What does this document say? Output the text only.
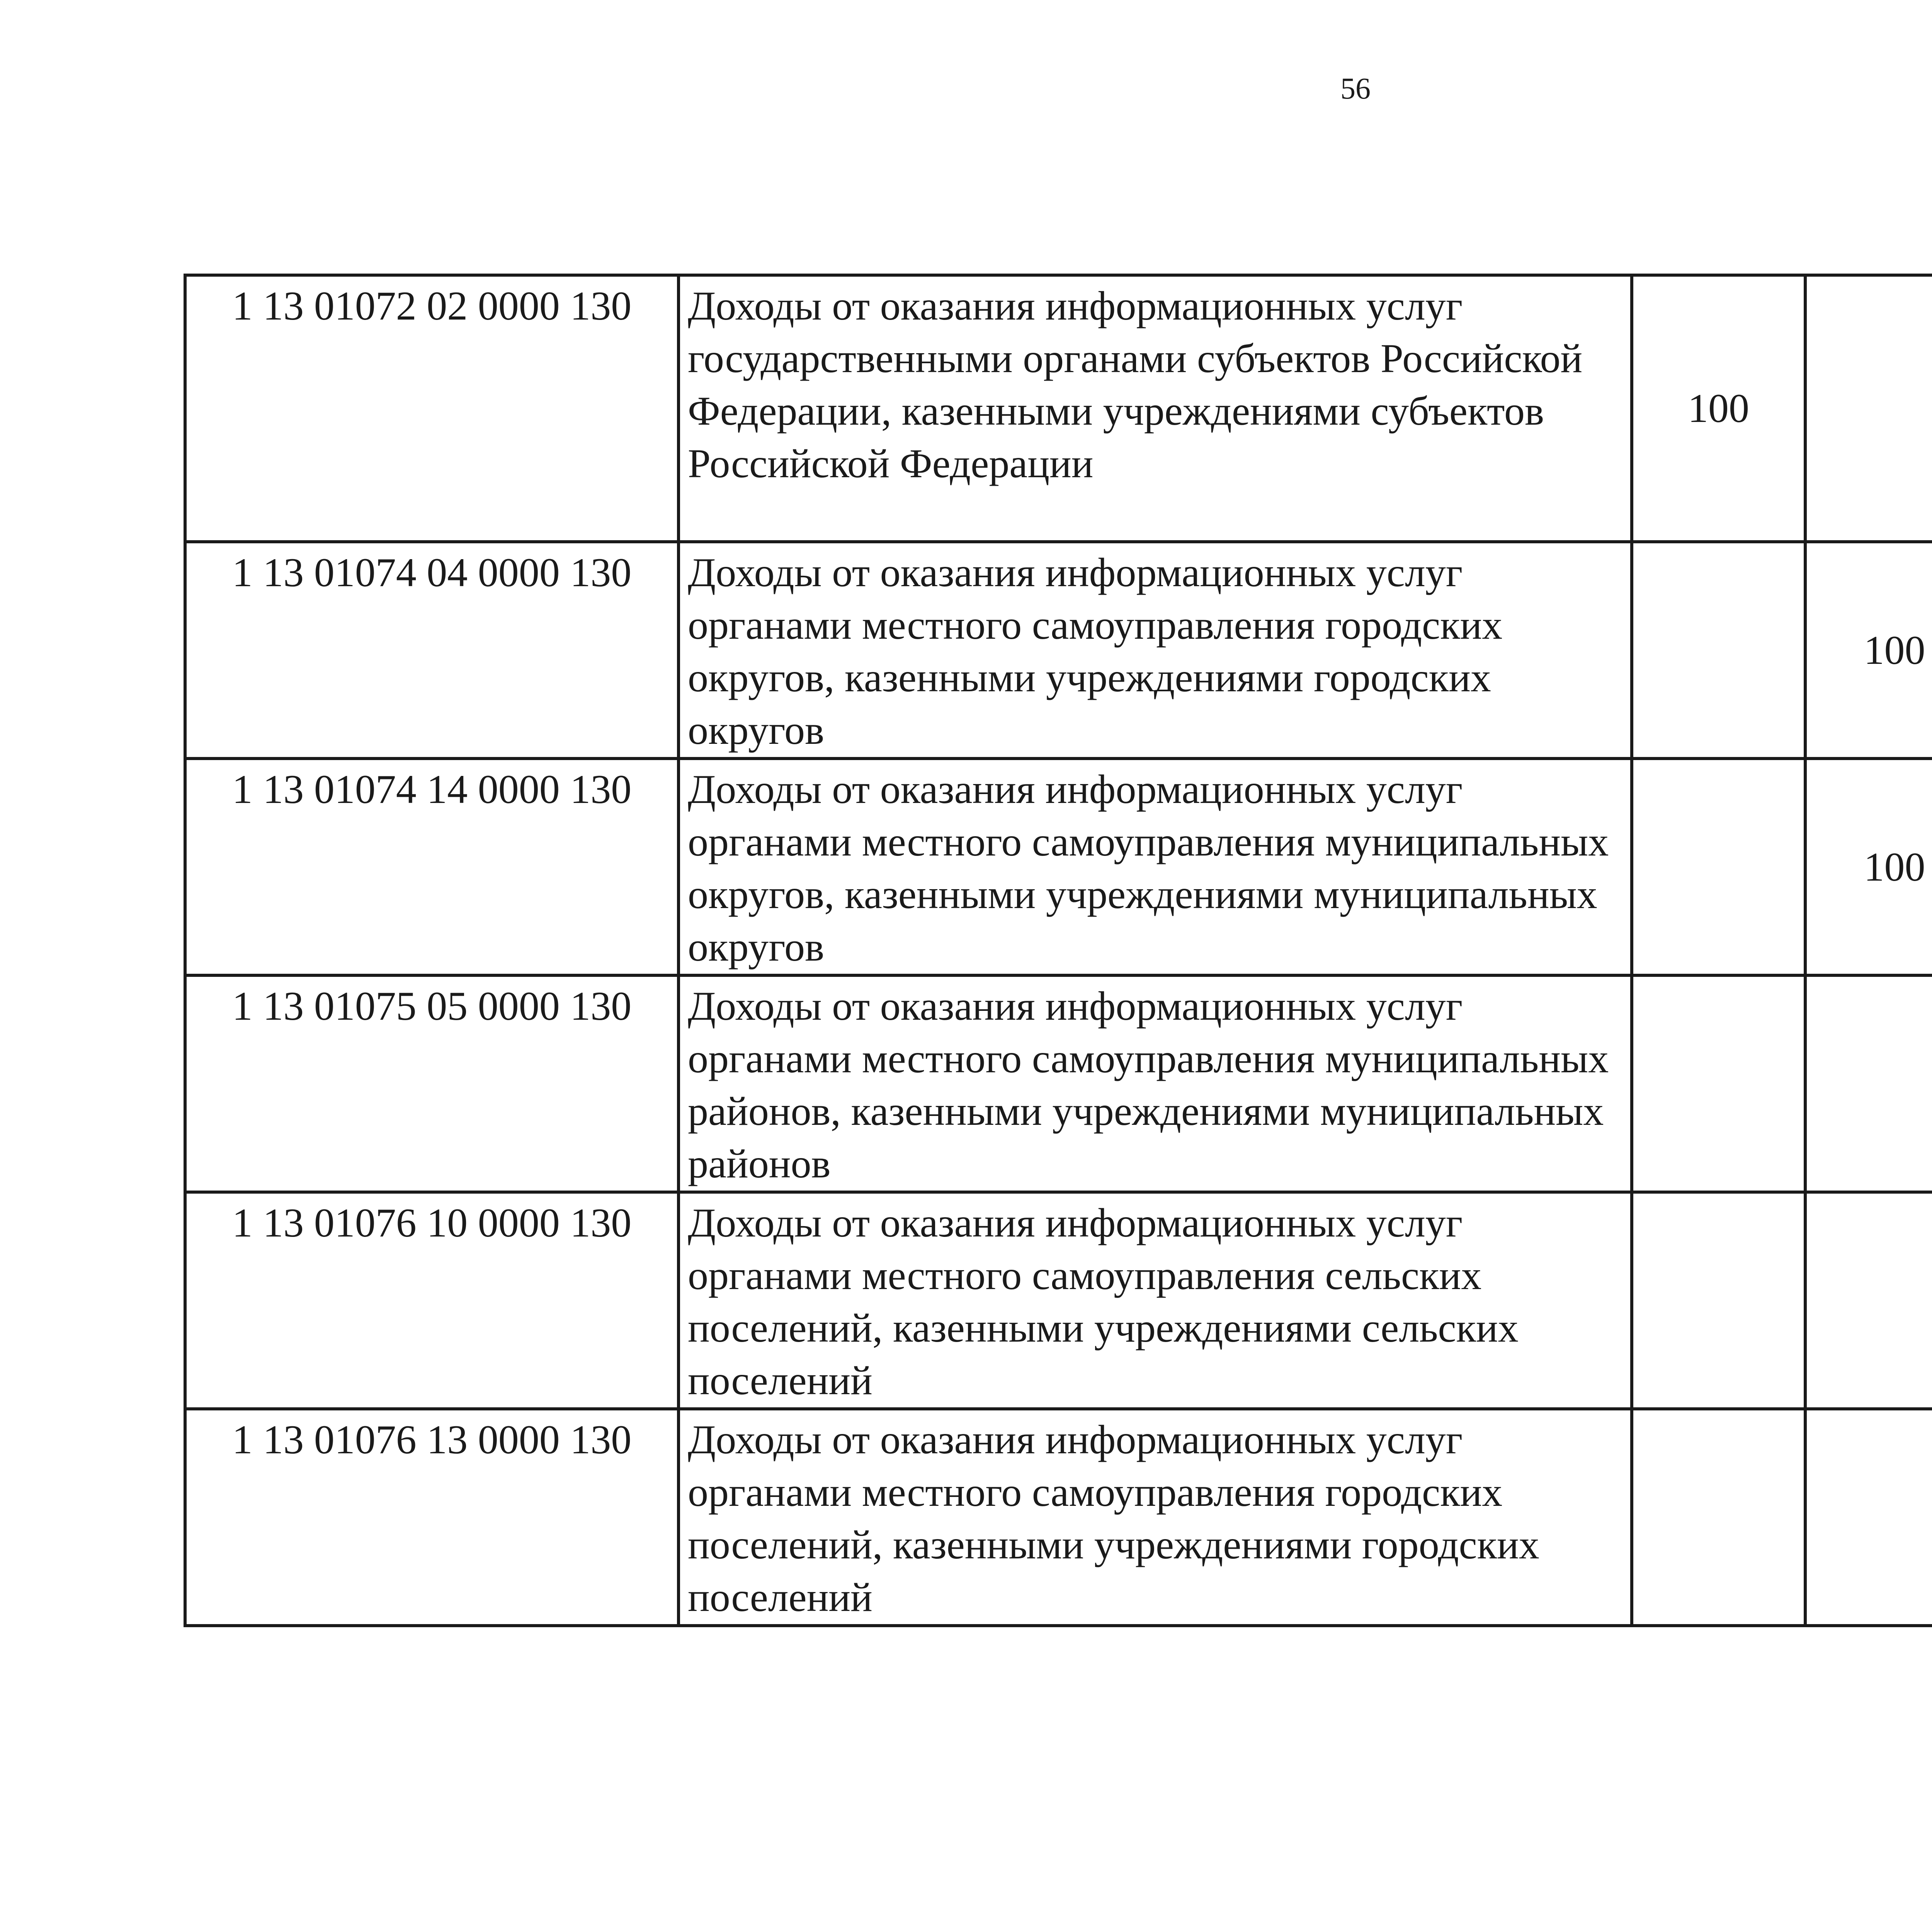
56
1 13 01072 02 0000 130	Доходы от оказания информационных услуг государственными органами субъектов Российской Федерации, казенными учреждениями субъектов Российской Федерации	100				
1 13 01074 04 0000 130	Доходы от оказания информационных услуг органами местного самоуправления городских округов, казенными учреждениями городских округов		100			
1 13 01074 14 0000 130	Доходы от оказания информационных услуг органами местного самоуправления муниципальных округов, казенными учреждениями муниципальных округов		100			
1 13 01075 05 0000 130	Доходы от оказания информационных услуг органами местного самоуправления муниципальных районов, казенными учреждениями муниципальных районов					
1 13 01076 10 0000 130	Доходы от оказания информационных услуг органами местного самоуправления сельских поселений, казенными учреждениями сельских поселений					
1 13 01076 13 0000 130	Доходы от оказания информационных услуг органами местного самоуправления городских поселений, казенными учреждениями городских поселений					
